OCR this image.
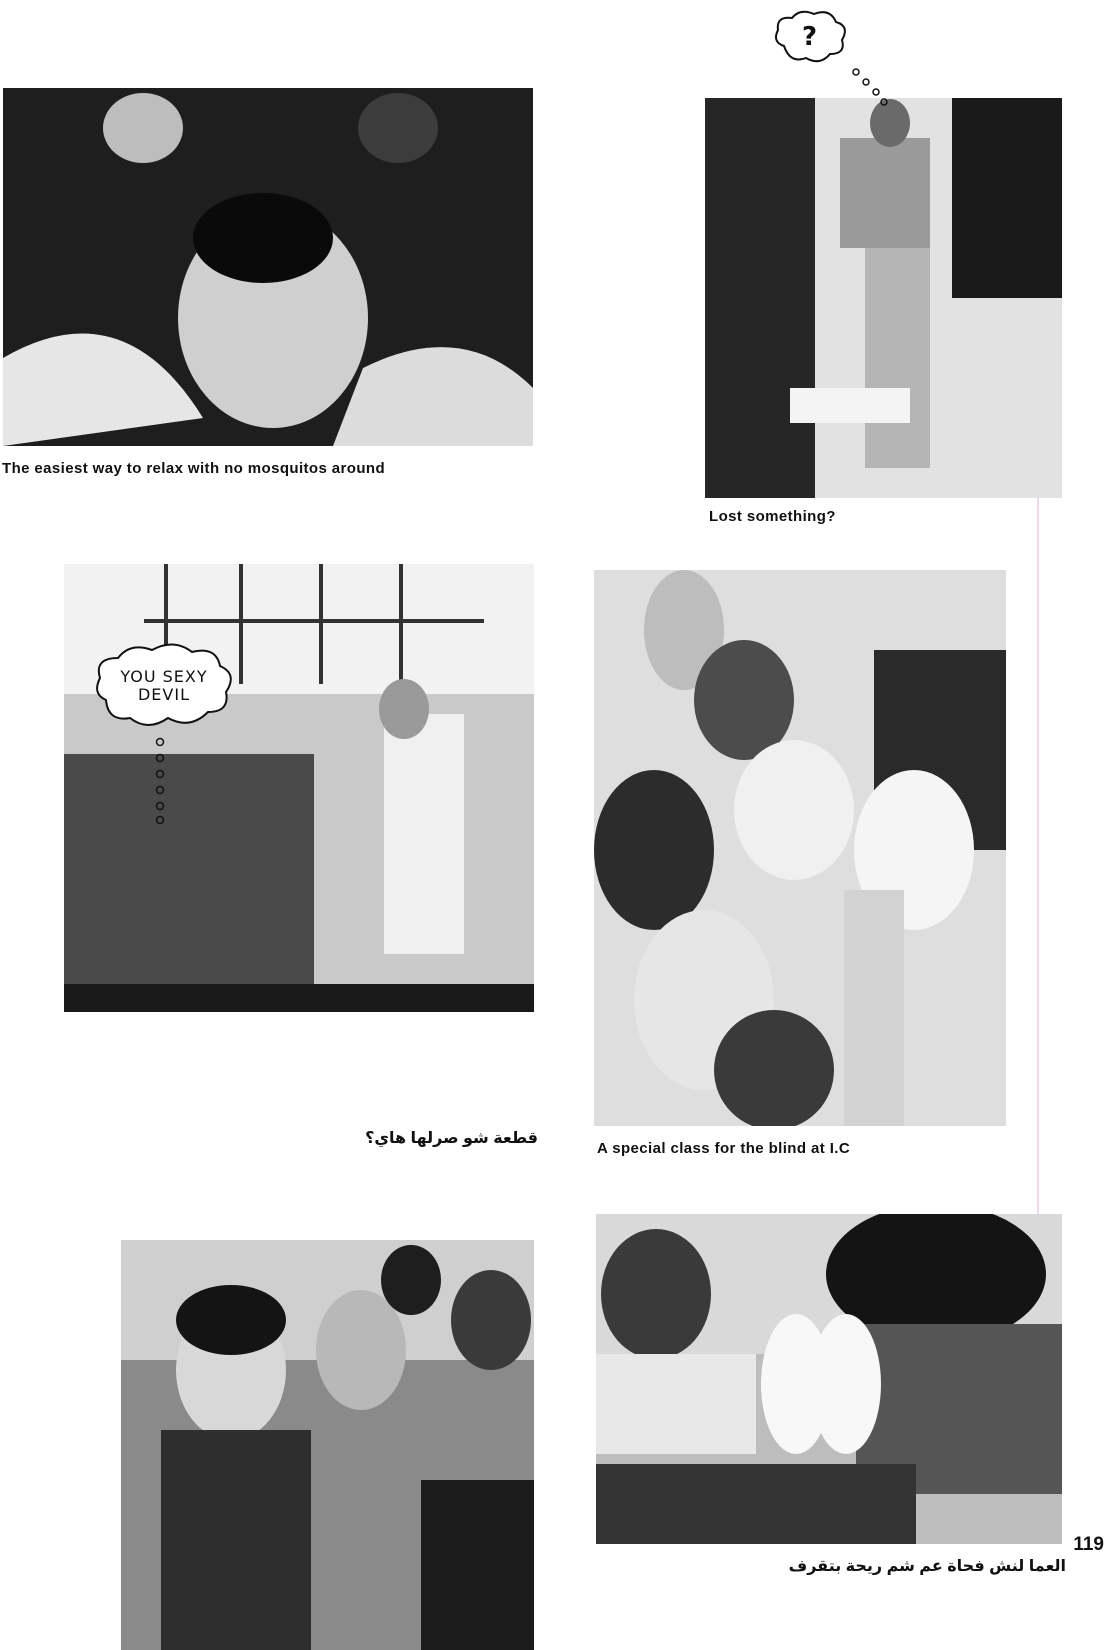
The easiest way to relax with no mosquitos around
?
Lost something?
YOU SEXY DEVIL
قطعة شو صرلها هاي؟
A special class for the blind at I.C
العما لنش فحاة عم شم ريحة بتقرف
119
